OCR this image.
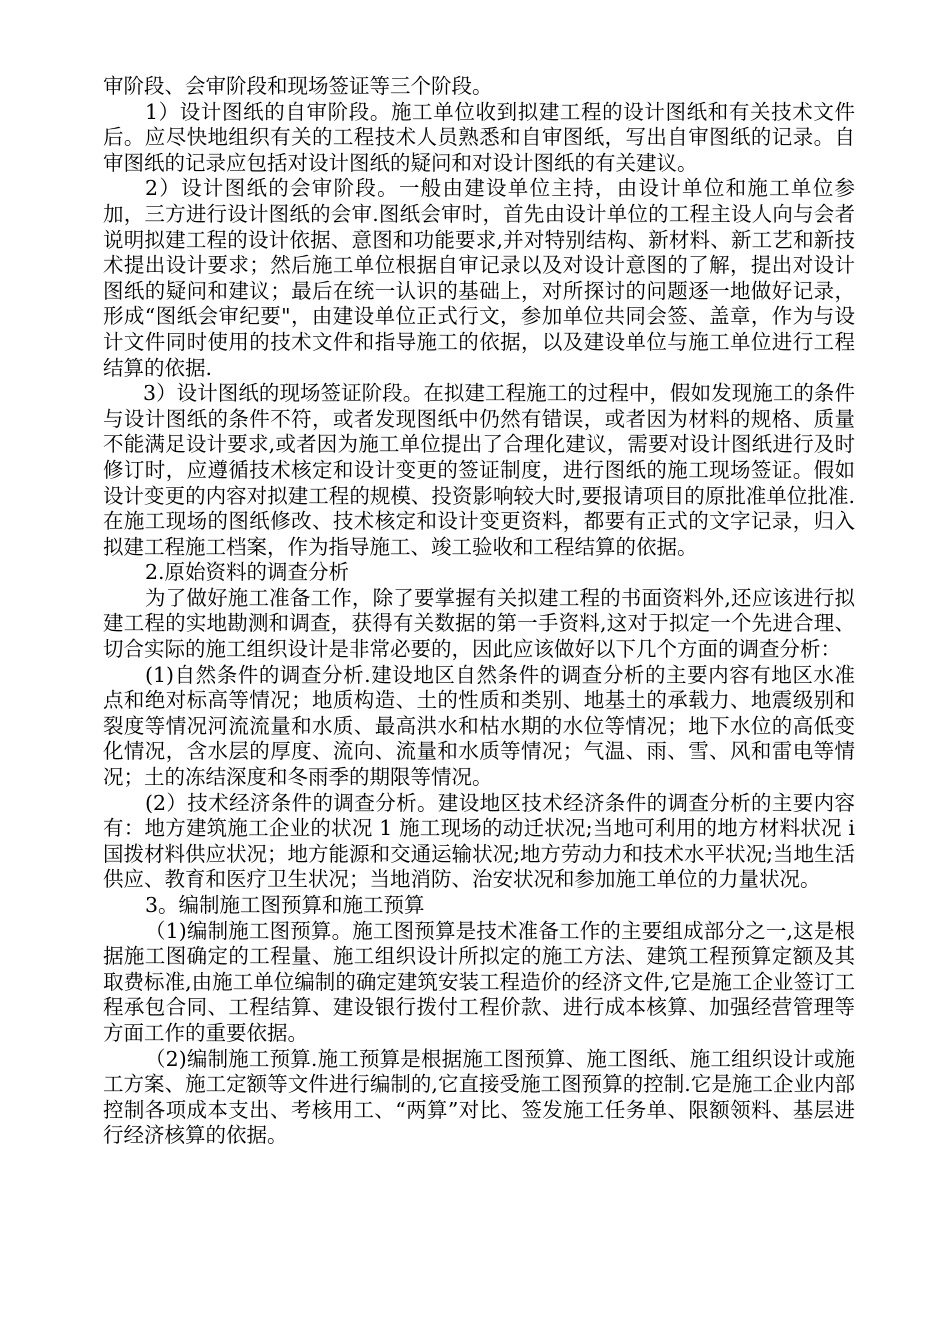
审阶段、会审阶段和现场签证等三个阶段。

1）设计图纸的自审阶段。施工单位收到拟建工程的设计图纸和有关技术文件后。应尽快地组织有关的工程技术人员熟悉和自审图纸，写出自审图纸的记录。自审图纸的记录应包括对设计图纸的疑问和对设计图纸的有关建议。

2）设计图纸的会审阶段。一般由建设单位主持，由设计单位和施工单位参加，三方进行设计图纸的会审.图纸会审时，首先由设计单位的工程主设人向与会者说明拟建工程的设计依据、意图和功能要求,并对特别结构、新材料、新工艺和新技术提出设计要求；然后施工单位根据自审记录以及对设计意图的了解，提出对设计图纸的疑问和建议；最后在统一认识的基础上，对所探讨的问题逐一地做好记录，形成“图纸会审纪要"，由建设单位正式行文，参加单位共同会签、盖章，作为与设计文件同时使用的技术文件和指导施工的依据，以及建设单位与施工单位进行工程结算的依据.

3）设计图纸的现场签证阶段。在拟建工程施工的过程中，假如发现施工的条件与设计图纸的条件不符，或者发现图纸中仍然有错误，或者因为材料的规格、质量不能满足设计要求,或者因为施工单位提出了合理化建议，需要对设计图纸进行及时修订时，应遵循技术核定和设计变更的签证制度，进行图纸的施工现场签证。假如设计变更的内容对拟建工程的规模、投资影响较大时,要报请项目的原批准单位批准.在施工现场的图纸修改、技术核定和设计变更资料，都要有正式的文字记录，归入拟建工程施工档案，作为指导施工、竣工验收和工程结算的依据。

2.原始资料的调查分析

为了做好施工准备工作，除了要掌握有关拟建工程的书面资料外,还应该进行拟建工程的实地勘测和调查，获得有关数据的第一手资料,这对于拟定一个先进合理、切合实际的施工组织设计是非常必要的，因此应该做好以下几个方面的调查分析：

(1)自然条件的调查分析.建设地区自然条件的调查分析的主要内容有地区水准点和绝对标高等情况；地质构造、土的性质和类别、地基土的承载力、地震级别和裂度等情况河流流量和水质、最高洪水和枯水期的水位等情况；地下水位的高低变化情况，含水层的厚度、流向、流量和水质等情况；气温、雨、雪、风和雷电等情况；土的冻结深度和冬雨季的期限等情况。

(2）技术经济条件的调查分析。建设地区技术经济条件的调查分析的主要内容有：地方建筑施工企业的状况 1 施工现场的动迁状况;当地可利用的地方材料状况 i 国拨材料供应状况；地方能源和交通运输状况;地方劳动力和技术水平状况;当地生活供应、教育和医疗卫生状况；当地消防、治安状况和参加施工单位的力量状况。

3。编制施工图预算和施工预算

（1)编制施工图预算。施工图预算是技术准备工作的主要组成部分之一,这是根据施工图确定的工程量、施工组织设计所拟定的施工方法、建筑工程预算定额及其取费标准,由施工单位编制的确定建筑安装工程造价的经济文件,它是施工企业签订工程承包合同、工程结算、建设银行拨付工程价款、进行成本核算、加强经营管理等方面工作的重要依据。

（2)编制施工预算.施工预算是根据施工图预算、施工图纸、施工组织设计或施工方案、施工定额等文件进行编制的,它直接受施工图预算的控制.它是施工企业内部控制各项成本支出、考核用工、“两算”对比、签发施工任务单、限额领料、基层进行经济核算的依据。
